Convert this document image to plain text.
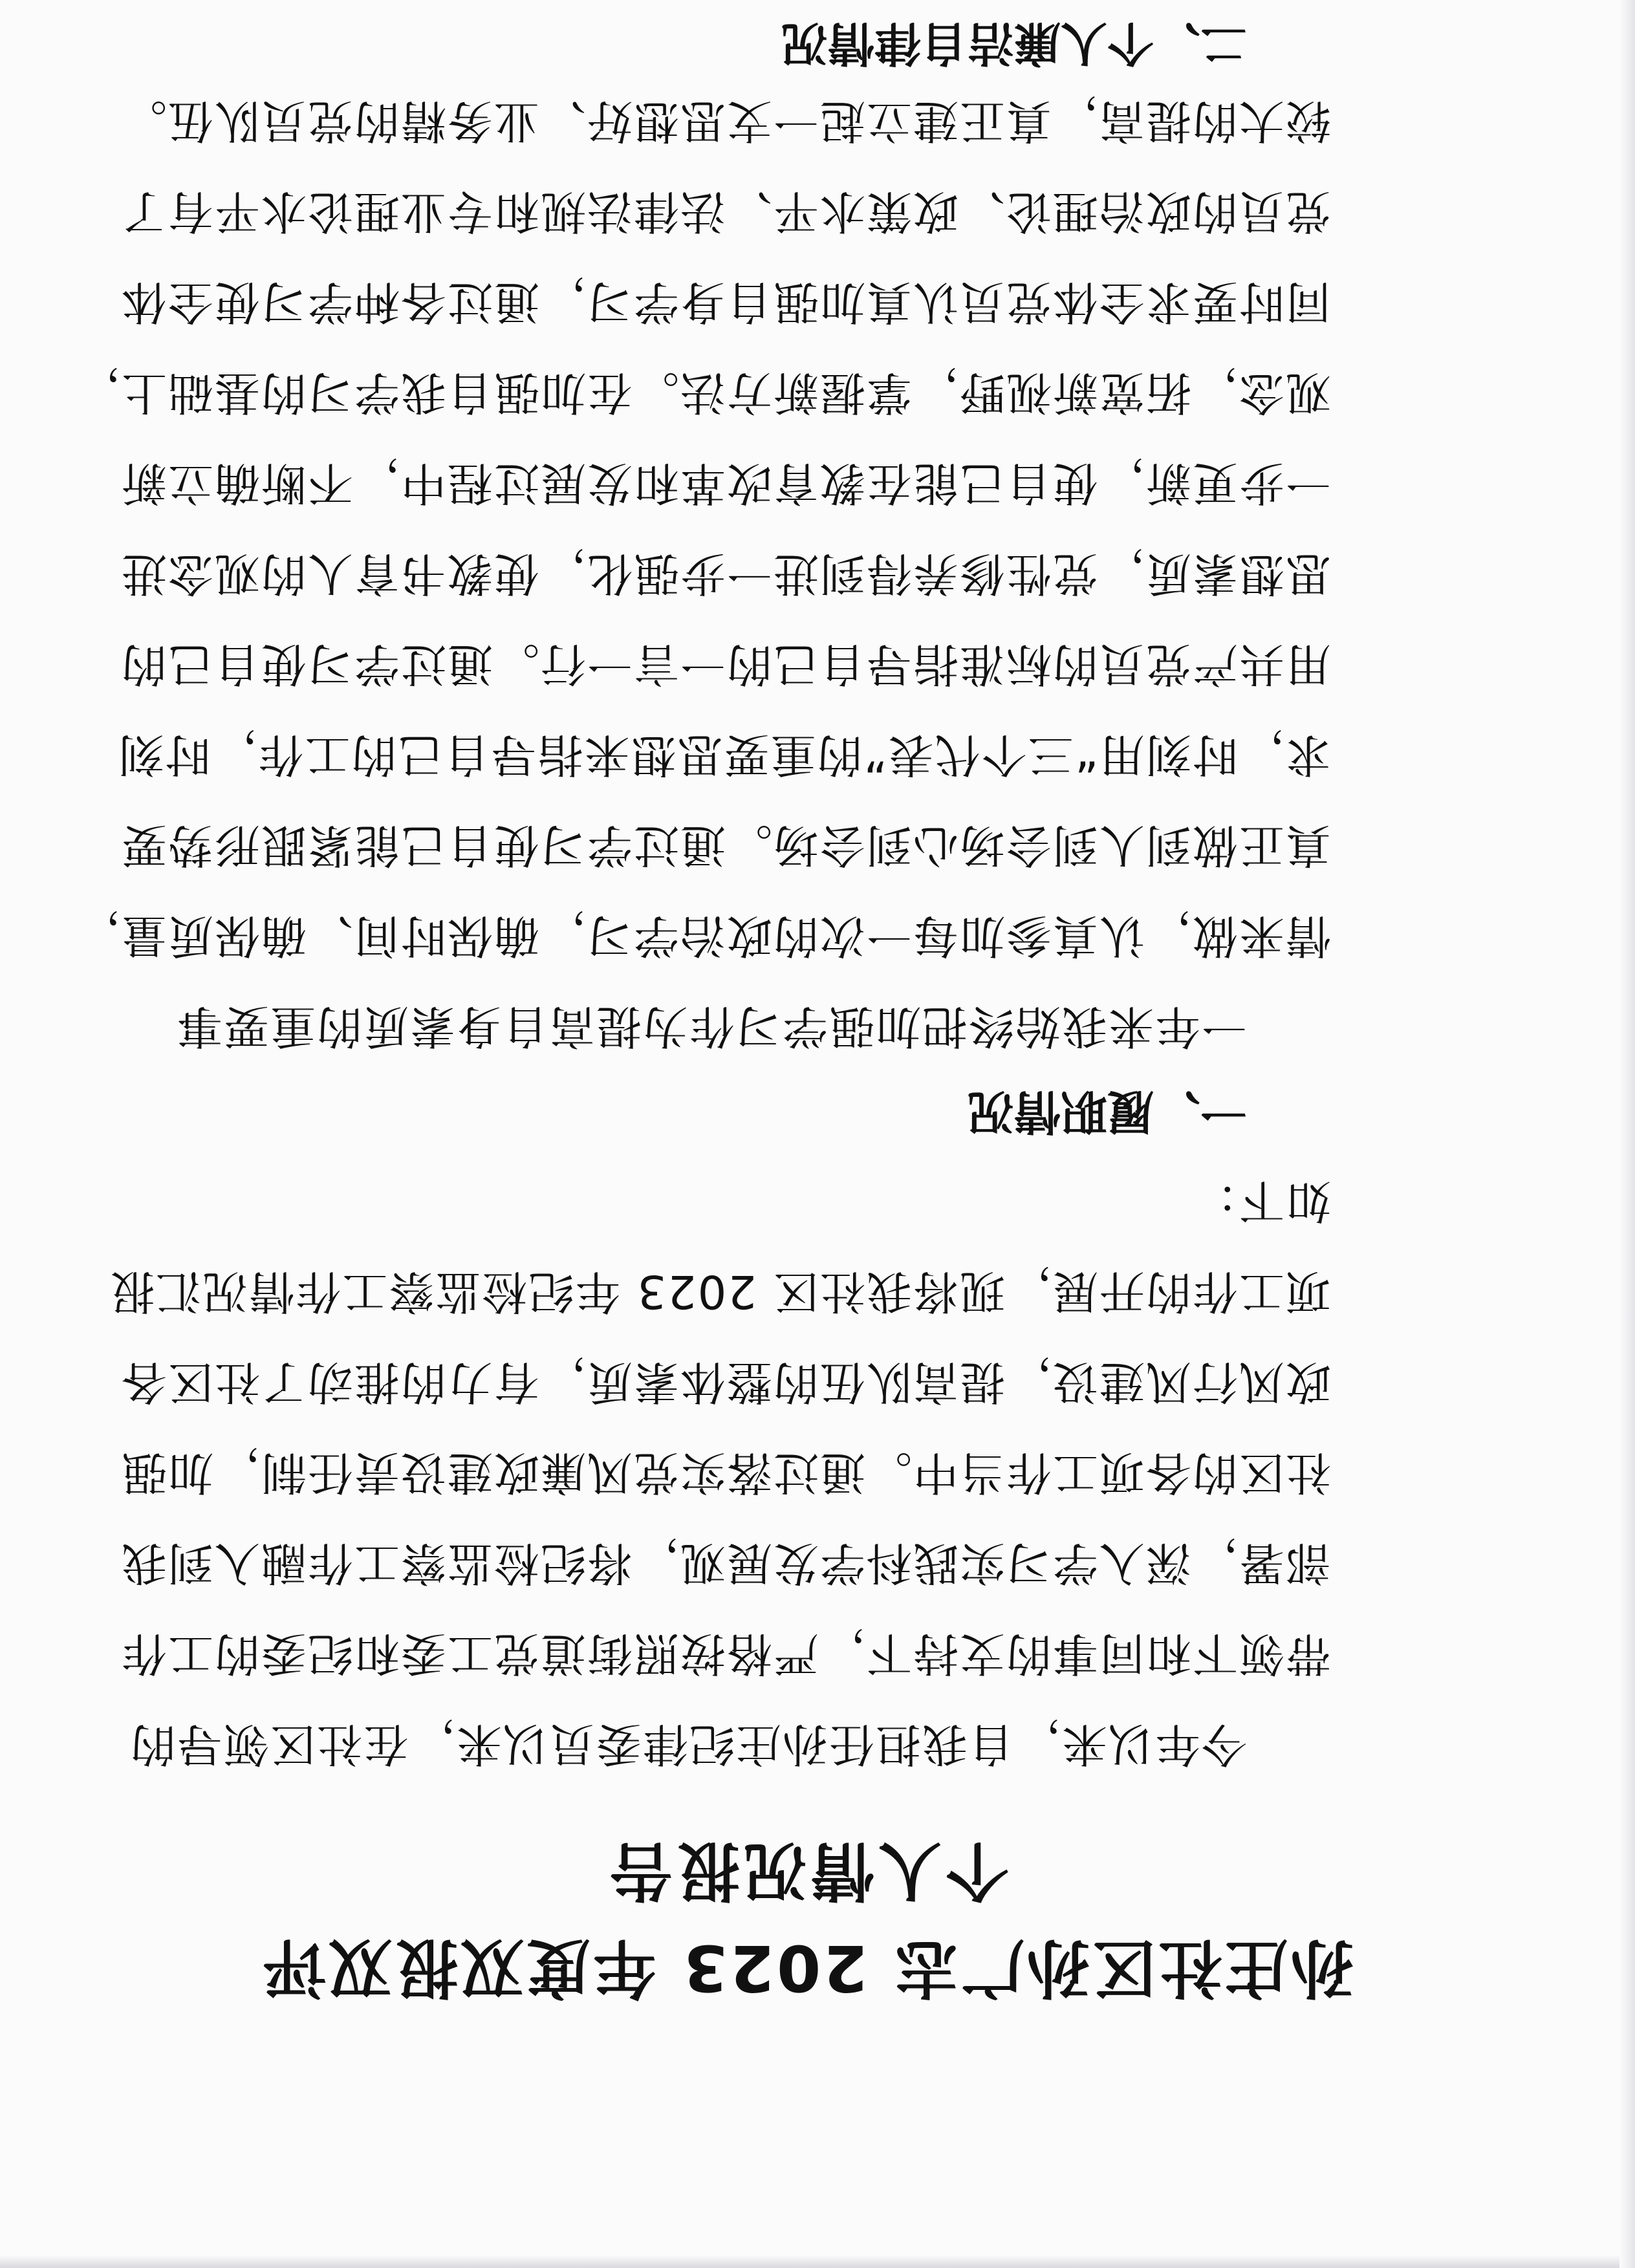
孙庄社区孙广志 2023 年度双报双评
个人情况报告
今年以来，自我担任孙庄纪律委员以来，在社区领导的
带领下和同事的支持下，严格按照街道党工委和纪委的工作
部署，深入学习实践科学发展观，将纪检监察工作融入到我
社区的各项工作当中。通过落实党风廉政建设责任制，加强
政风行风建设，提高队伍的整体素质，有力的推动了社区各
项工作的开展，现将我社区 2023 年纪检监察工作情况汇报
如下：
一、履职情况
一年来我始终把加强学习作为提高自身素质的重要事
情来做，认真参加每一次的政治学习，确保时间、确保质量，
真正做到人到会场心到会场。通过学习使自己能紧跟形势要
求，时刻用“三个代表”的重要思想来指导自己的工作，时刻
用共产党员的标准指导自己的一言一行。通过学习使自己的
思想素质，党性修养得到进一步强化，使教书育人的观念进
一步更新，使自己能在教育改革和发展过程中，不断确立新
观念，拓宽新视野，掌握新方法。在加强自我学习的基础上，
同时要求全体党员认真加强自身学习，通过各种学习使全体
党员的政治理论、政策水平、法律法规和专业理论水平有了
较大的提高，真正建立起一支思想好、业务精的党员队伍。
二、个人廉洁自律情况
